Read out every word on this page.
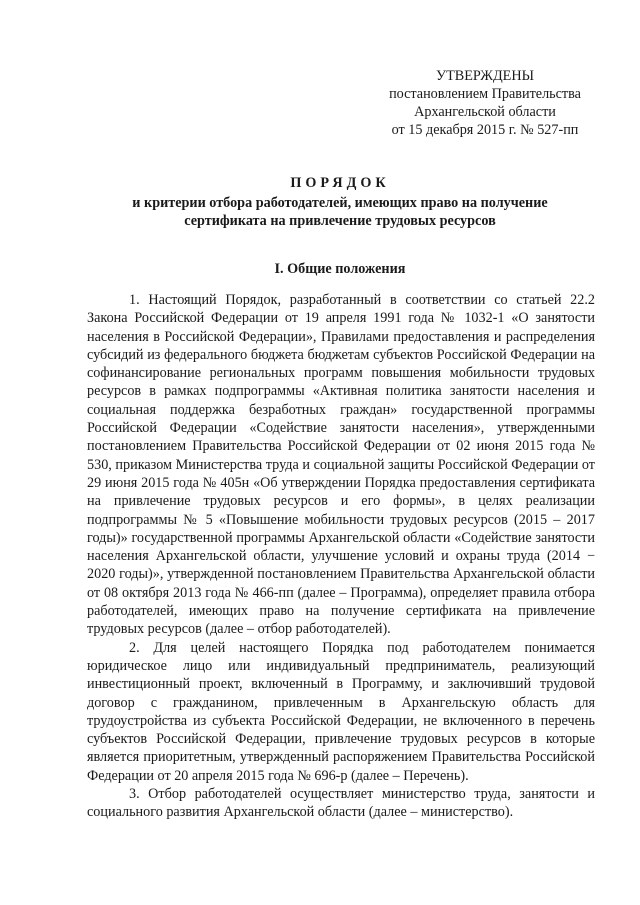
УТВЕРЖДЕНЫ
постановлением Правительства
Архангельской области
от 15 декабря 2015 г. № 527-пп
ПОРЯДОК
и критерии отбора работодателей, имеющих право на получение
сертификата на привлечение трудовых ресурсов
I. Общие положения

1. Настоящий Порядок, разработанный в соответствии со статьей 22.2 Закона Российской Федерации от 19 апреля 1991 года № 1032-1 «О занятости населения в Российской Федерации», Правилами предоставления и распределения субсидий из федерального бюджета бюджетам субъектов Российской Федерации на софинансирование региональных программ повышения мобильности трудовых ресурсов в рамках подпрограммы «Активная политика занятости населения и социальная поддержка безработных граждан» государственной программы Российской Федерации «Содействие занятости населения», утвержденными постановлением Правительства Российской Федерации от 02 июня 2015 года № 530, приказом Министерства труда и социальной защиты Российской Федерации от 29 июня 2015 года № 405н «Об утверждении Порядка предоставления сертификата на привлечение трудовых ресурсов и его формы», в целях реализации подпрограммы № 5 «Повышение мобильности трудовых ресурсов (2015 – 2017 годы)» государственной программы Архангельской области «Содействие занятости населения Архангельской области, улучшение условий и охраны труда (2014 − 2020 годы)», утвержденной постановлением Правительства Архангельской области от 08 октября 2013 года № 466-пп (далее – Программа), определяет правила отбора работодателей, имеющих право на получение сертификата на привлечение трудовых ресурсов (далее – отбор работодателей).

2. Для целей настоящего Порядка под работодателем понимается юридическое лицо или индивидуальный предприниматель, реализующий инвестиционный проект, включенный в Программу, и заключивший трудовой договор с гражданином, привлеченным в Архангельскую область для трудоустройства из субъекта Российской Федерации, не включенного в перечень субъектов Российской Федерации, привлечение трудовых ресурсов в которые является приоритетным, утвержденный распоряжением Правительства Российской Федерации от 20 апреля 2015 года № 696-р (далее – Перечень).

3. Отбор работодателей осуществляет министерство труда, занятости и социального развития Архангельской области (далее – министерство).
